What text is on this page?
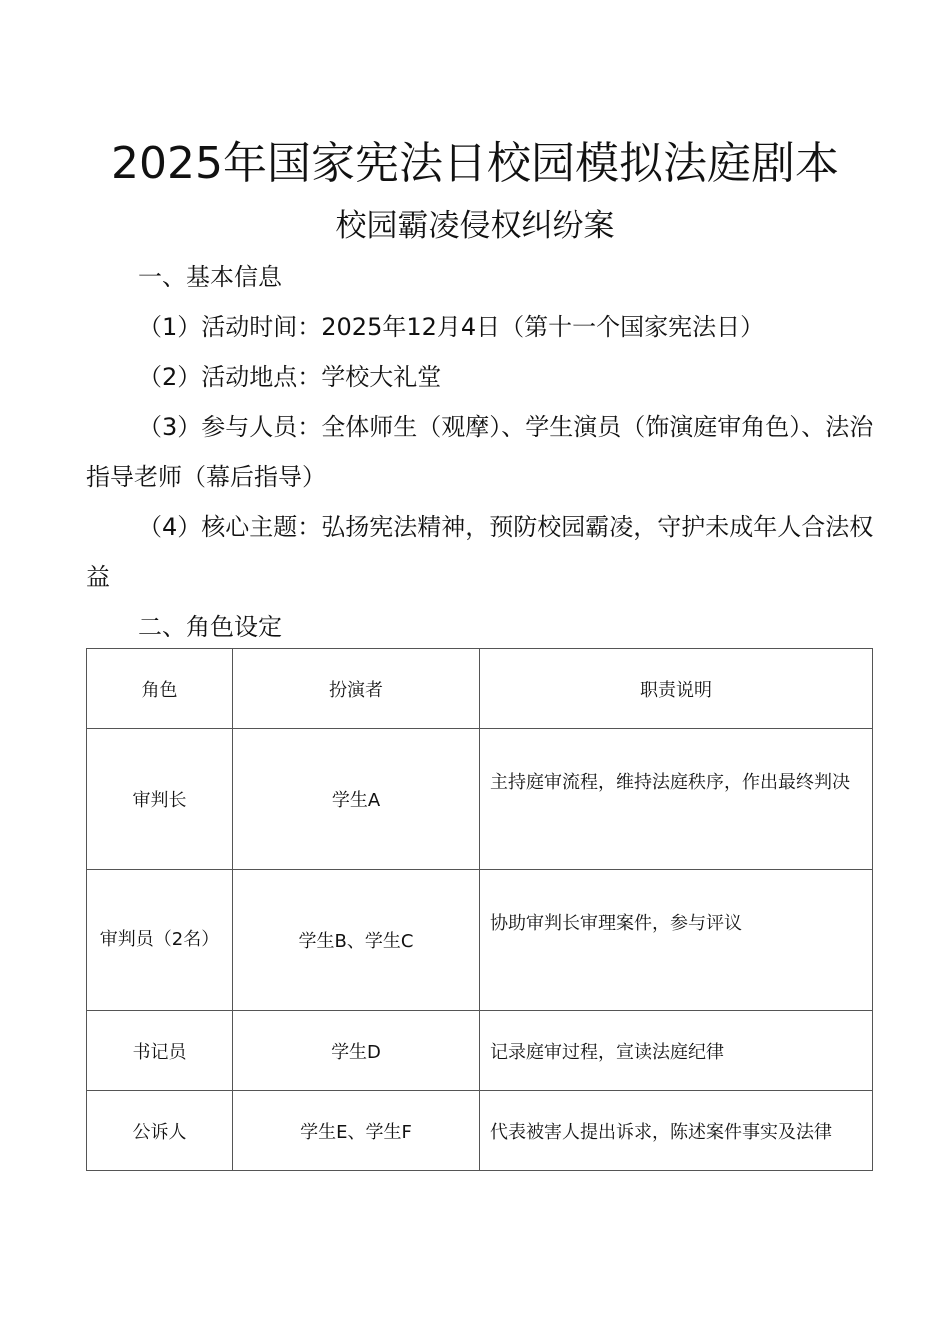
2025年国家宪法日校园模拟法庭剧本
校园霸凌侵权纠纷案
一、基本信息
（1）活动时间：2025年12月4日（第十一个国家宪法日）
（2）活动地点：学校大礼堂
（3）参与人员：全体师生（观摩）、学生演员（饰演庭审角色）、法治指导老师（幕后指导）
（4）核心主题：弘扬宪法精神，预防校园霸凌，守护未成年人合法权益
二、角色设定
角色	扮演者	职责说明
审判长	学生A	主持庭审流程，维持法庭秩序，作出最终判决
审判员（2名）	学生B、学生C	协助审判长审理案件，参与评议
书记员	学生D	记录庭审过程，宣读法庭纪律
公诉人	学生E、学生F	代表被害人提出诉求，陈述案件事实及法律
